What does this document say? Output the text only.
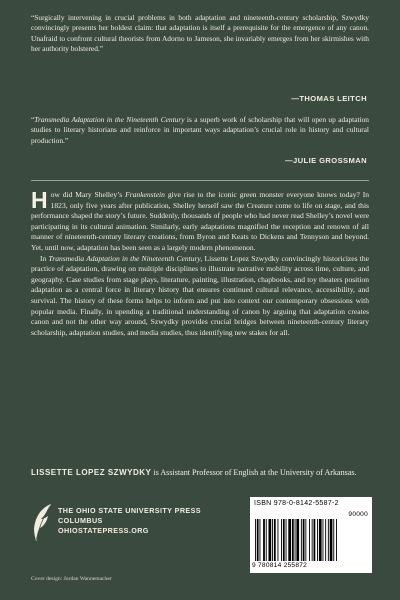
“Surgically intervening in crucial problems in both adaptation and nineteenth-century scholarship, Szwydky convincingly presents her boldest claim: that adaptation is itself a prerequisite for the emergence of any canon. Unafraid to confront cultural theorists from Adorno to Jameson, she invariably emerges from her skirmishes with her authority bolstered.”
—THOMAS LEITCH
“Transmedia Adaptation in the Nineteenth Century is a superb work of scholarship that will open up adaptation studies to literary historians and reinforce in important ways adaptation’s crucial role in history and cultural production.”
—JULIE GROSSMAN

How did Mary Shelley’s Frankenstein give rise to the iconic green monster everyone knows today? In 1823, only five years after publication, Shelley herself saw the Creature come to life on stage, and this performance shaped the story’s future. Suddenly, thousands of people who had never read Shelley’s novel were participating in its cultural animation. Similarly, early adaptations magnified the reception and renown of all manner of nineteenth-century literary creations, from Byron and Keats to Dickens and Tennyson and beyond. Yet, until now, adaptation has been seen as a largely modern phenomenon.

In Transmedia Adaptation in the Nineteenth Century, Lissette Lopez Szwydky convincingly historicizes the practice of adaptation, drawing on multiple disciplines to illustrate narrative mobility across time, culture, and geography. Case studies from stage plays, literature, painting, illustration, chapbooks, and toy theaters position adaptation as a central force in literary history that ensures continued cultural relevance, accessibility, and survival. The history of these forms helps to inform and put into context our contemporary obsessions with popular media. Finally, in upending a traditional understanding of canon by arguing that adaptation creates canon and not the other way around, Szwydky provides crucial bridges between nineteenth-century literary scholarship, adaptation studies, and media studies, thus identifying new stakes for all.

LISSETTE LOPEZ SZWYDKY is Assistant Professor of English at the University of Arkansas.
THE OHIO STATE UNIVERSITY PRESS
COLUMBUS
OHIOSTATEPRESS.ORG
Cover design: Jordan Wannemacher
ISBN 978-0-8142-5587-2
90000
9 780814 255872
